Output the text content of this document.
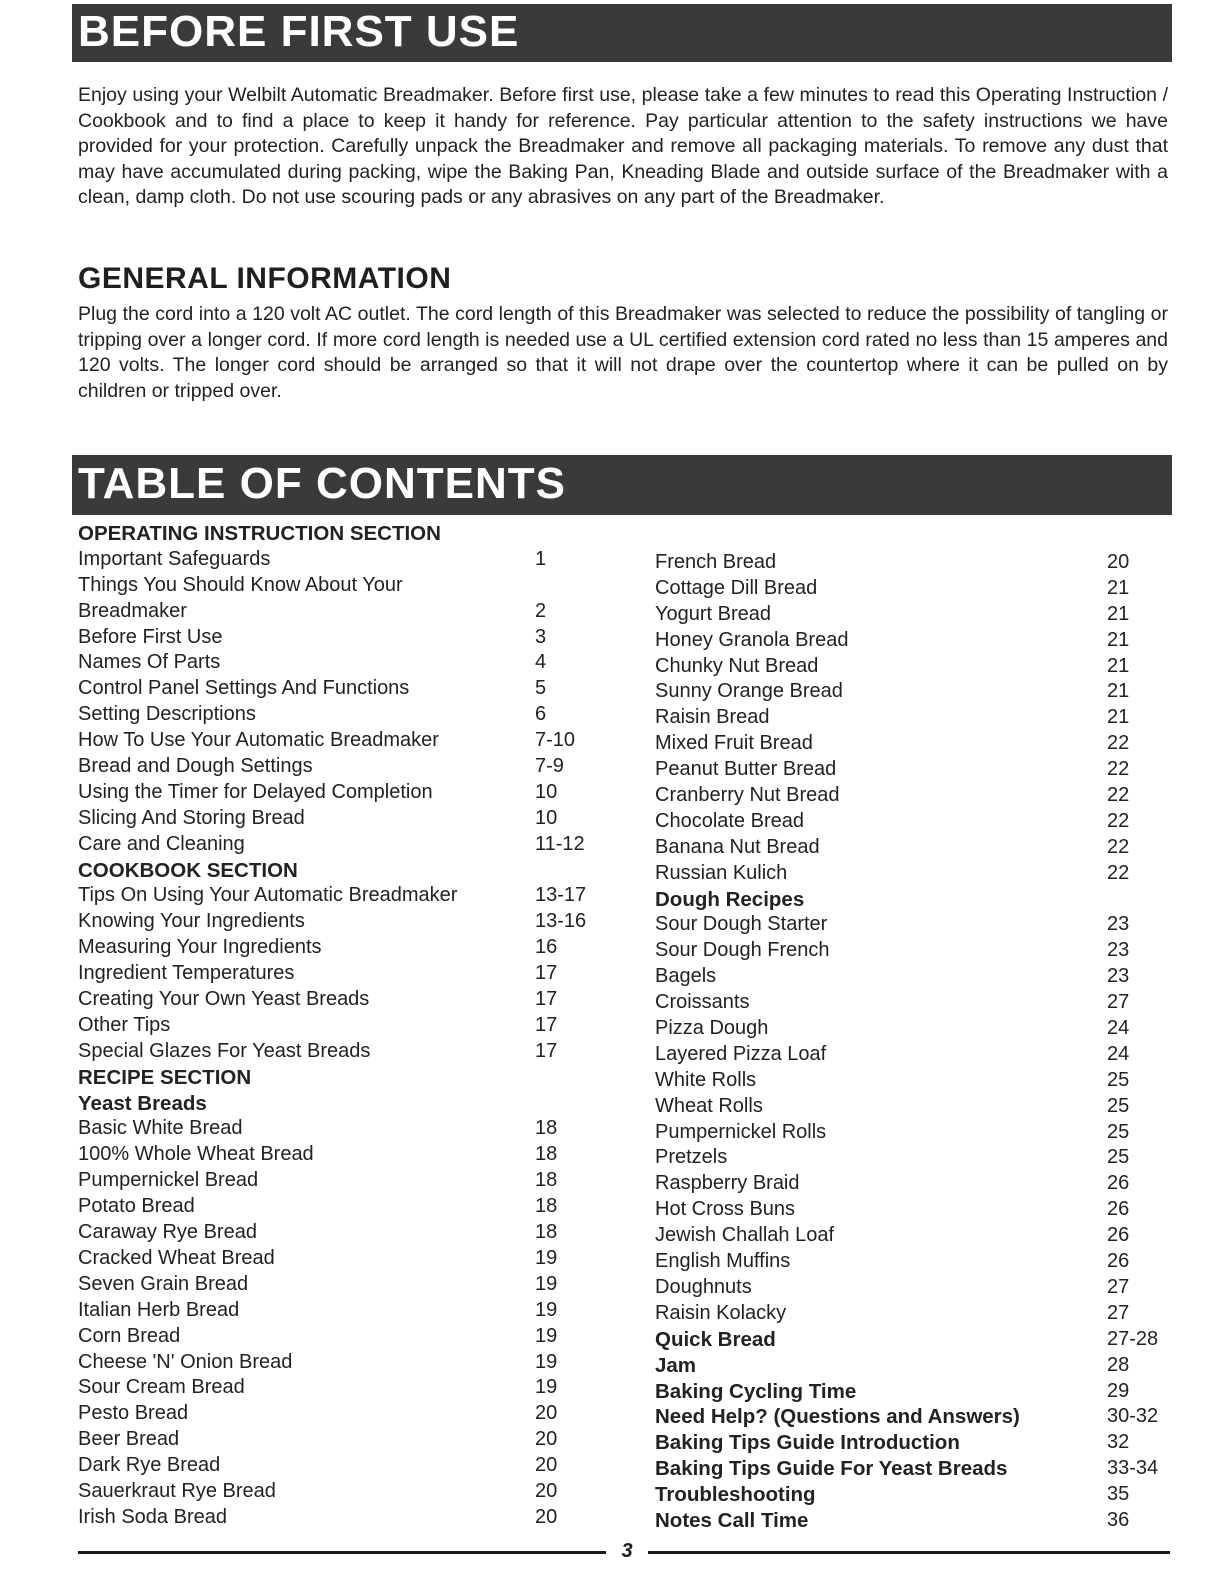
BEFORE FIRST USE

Enjoy using your Welbilt Automatic Breadmaker. Before first use, please take a few minutes to read this Operating Instruction / Cookbook and to find a place to keep it handy for reference. Pay particular attention to the safety instructions we have provided for your protection. Carefully unpack the Breadmaker and remove all packaging materials. To remove any dust that may have accumulated during packing, wipe the Baking Pan, Kneading Blade and outside surface of the Breadmaker with a clean, damp cloth. Do not use scouring pads or any abrasives on any part of the Breadmaker.

GENERAL INFORMATION

Plug the cord into a 120 volt AC outlet. The cord length of this Breadmaker was selected to reduce the possibility of tangling or tripping over a longer cord. If more cord length is needed use a UL certified extension cord rated no less than 15 amperes and 120 volts. The longer cord should be arranged so that it will not drape over the countertop where it can be pulled on by children or tripped over.

TABLE OF CONTENTS
OPERATING INSTRUCTION SECTION
Important Safeguards	1
Things You Should Know About Your
Breadmaker	2
Before First Use	3
Names Of Parts	4
Control Panel Settings And Functions	5
Setting Descriptions	6
How To Use Your Automatic Breadmaker	7-10
Bread and Dough Settings	7-9
Using the Timer for Delayed Completion	10
Slicing And Storing Bread	10
Care and Cleaning	11-12
COOKBOOK SECTION
Tips On Using Your Automatic Breadmaker	13-17
Knowing Your Ingredients	13-16
Measuring Your Ingredients	16
Ingredient Temperatures	17
Creating Your Own Yeast Breads	17
Other Tips	17
Special Glazes For Yeast Breads	17
RECIPE SECTION
Yeast Breads
Basic White Bread	18
100% Whole Wheat Bread	18
Pumpernickel Bread	18
Potato Bread	18
Caraway Rye Bread	18
Cracked Wheat Bread	19
Seven Grain Bread	19
Italian Herb Bread	19
Corn Bread	19
Cheese 'N' Onion Bread	19
Sour Cream Bread	19
Pesto Bread	20
Beer Bread	20
Dark Rye Bread	20
Sauerkraut Rye Bread	20
Irish Soda Bread	20
French Bread	20
Cottage Dill Bread	21
Yogurt Bread	21
Honey Granola Bread	21
Chunky Nut Bread	21
Sunny Orange Bread	21
Raisin Bread	21
Mixed Fruit Bread	22
Peanut Butter Bread	22
Cranberry Nut Bread	22
Chocolate Bread	22
Banana Nut Bread	22
Russian Kulich	22
Dough Recipes
Sour Dough Starter	23
Sour Dough French	23
Bagels	23
Croissants	27
Pizza Dough	24
Layered Pizza Loaf	24
White Rolls	25
Wheat Rolls	25
Pumpernickel Rolls	25
Pretzels	25
Raspberry Braid	26
Hot Cross Buns	26
Jewish Challah Loaf	26
English Muffins	26
Doughnuts	27
Raisin Kolacky	27
Quick Bread	27-28
Jam	28
Baking Cycling Time	29
Need Help? (Questions and Answers)	30-32
Baking Tips Guide Introduction	32
Baking Tips Guide For Yeast Breads	33-34
Troubleshooting	35
Notes Call Time	36
3
